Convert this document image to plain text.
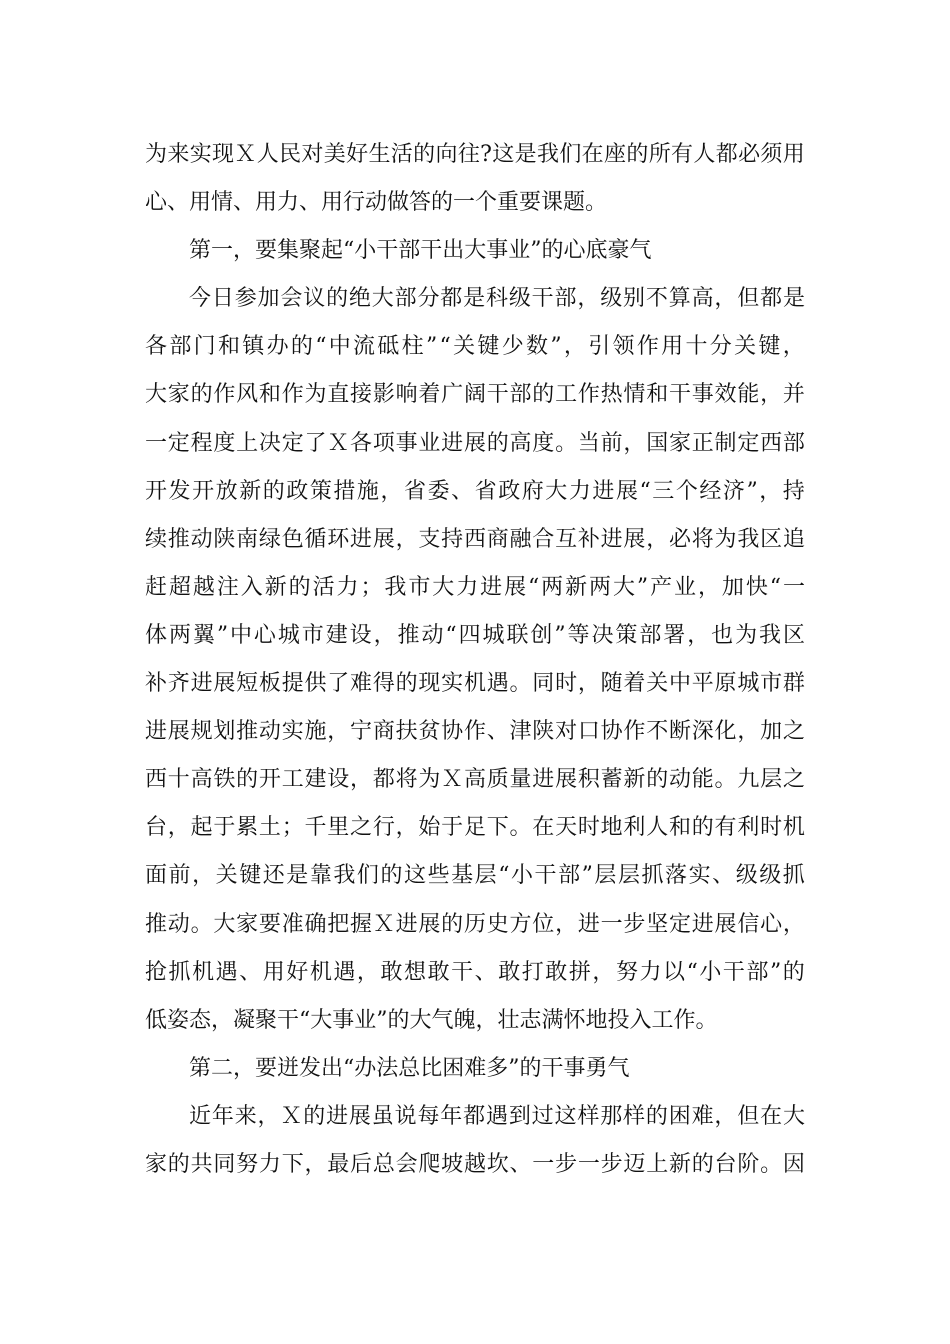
为 来 实 现 Ｘ 人 民 对 美 好 生 活 的 向 往 ? 这 是 我 们 在 座 的 所 有 人 都 必 须 用
心、用情、用力、用行动做答的一个重要课题。
第一，要集聚起“小干部干出大事业”的心底豪气
今 日 参 加 会 议 的 绝 大 部 分 都 是 科 级 干 部 ， 级 别 不 算 高 ， 但 都 是
各 部 门 和 镇 办 的 “ 中 流 砥 柱 ” “ 关 键 少 数 ” ， 引 领 作 用 十 分 关 键 ，
大 家 的 作 风 和 作 为 直 接 影 响 着 广 阔 干 部 的 工 作 热 情 和 干 事 效 能 ， 并
一 定 程 度 上 决 定 了 Ｘ 各 项 事 业 进 展 的 高 度 。 当 前 ， 国 家 正 制 定 西 部
开 发 开 放 新 的 政 策 措 施 ， 省 委 、 省 政 府 大 力 进 展 “ 三 个 经 济 ” ， 持
续 推 动 陕 南 绿 色 循 环 进 展 ， 支 持 西 商 融 合 互 补 进 展 ， 必 将 为 我 区 追
赶 超 越 注 入 新 的 活 力 ； 我 市 大 力 进 展 “ 两 新 两 大 ” 产 业 ， 加 快 “ 一
体 两 翼 ” 中 心 城 市 建 设 ， 推 动 “ 四 城 联 创 ” 等 决 策 部 署 ， 也 为 我 区
补 齐 进 展 短 板 提 供 了 难 得 的 现 实 机 遇 。 同 时 ， 随 着 关 中 平 原 城 市 群
进 展 规 划 推 动 实 施 ， 宁 商 扶 贫 协 作 、 津 陕 对 口 协 作 不 断 深 化 ， 加 之
西 十 高 铁 的 开 工 建 设 ， 都 将 为 Ｘ 高 质 量 进 展 积 蓄 新 的 动 能 。 九 层 之
台 ， 起 于 累 土 ； 千 里 之 行 ， 始 于 足 下 。 在 天 时 地 利 人 和 的 有 利 时 机
面 前 ， 关 键 还 是 靠 我 们 的 这 些 基 层 “ 小 干 部 ” 层 层 抓 落 实 、 级 级 抓
推 动 。 大 家 要 准 确 把 握 Ｘ 进 展 的 历 史 方 位 ， 进 一 步 坚 定 进 展 信 心 ，
抢 抓 机 遇 、 用 好 机 遇 ， 敢 想 敢 干 、 敢 打 敢 拼 ， 努 力 以 “ 小 干 部 ” 的
低姿态，凝聚干“大事业”的大气魄，壮志满怀地投入工作。
第二，要迸发出“办法总比困难多”的干事勇气
近 年 来 ， Ｘ 的 进 展 虽 说 每 年 都 遇 到 过 这 样 那 样 的 困 难 ， 但 在 大
家 的 共 同 努 力 下 ， 最 后 总 会 爬 坡 越 坎 、 一 步 一 步 迈 上 新 的 台 阶 。 因
